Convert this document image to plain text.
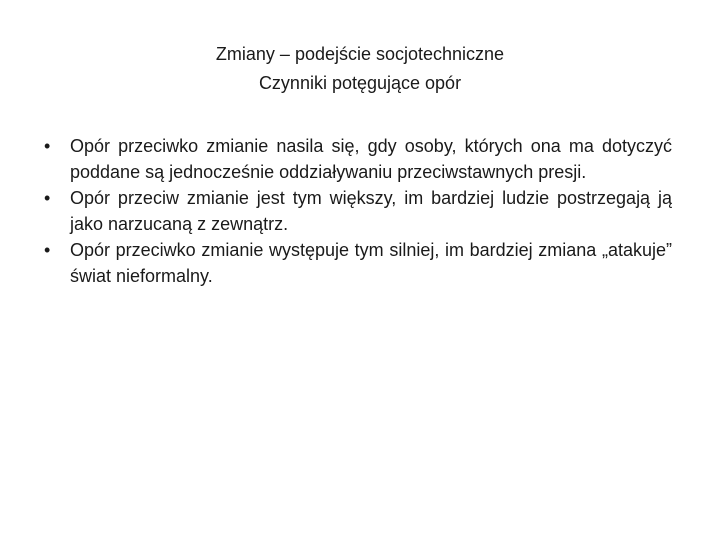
Zmiany – podejście socjotechniczne
Czynniki potęgujące opór
•	Opór przeciwko zmianie nasila się, gdy osoby, których ona ma dotyczyć poddane są jednocześnie oddziaływaniu przeciwstawnych presji.
•	Opór przeciw zmianie jest tym większy, im bardziej ludzie postrzegają ją jako narzucaną z zewnątrz.
•	Opór przeciwko zmianie występuje tym silniej, im bardziej zmiana „atakuje” świat nieformalny.
